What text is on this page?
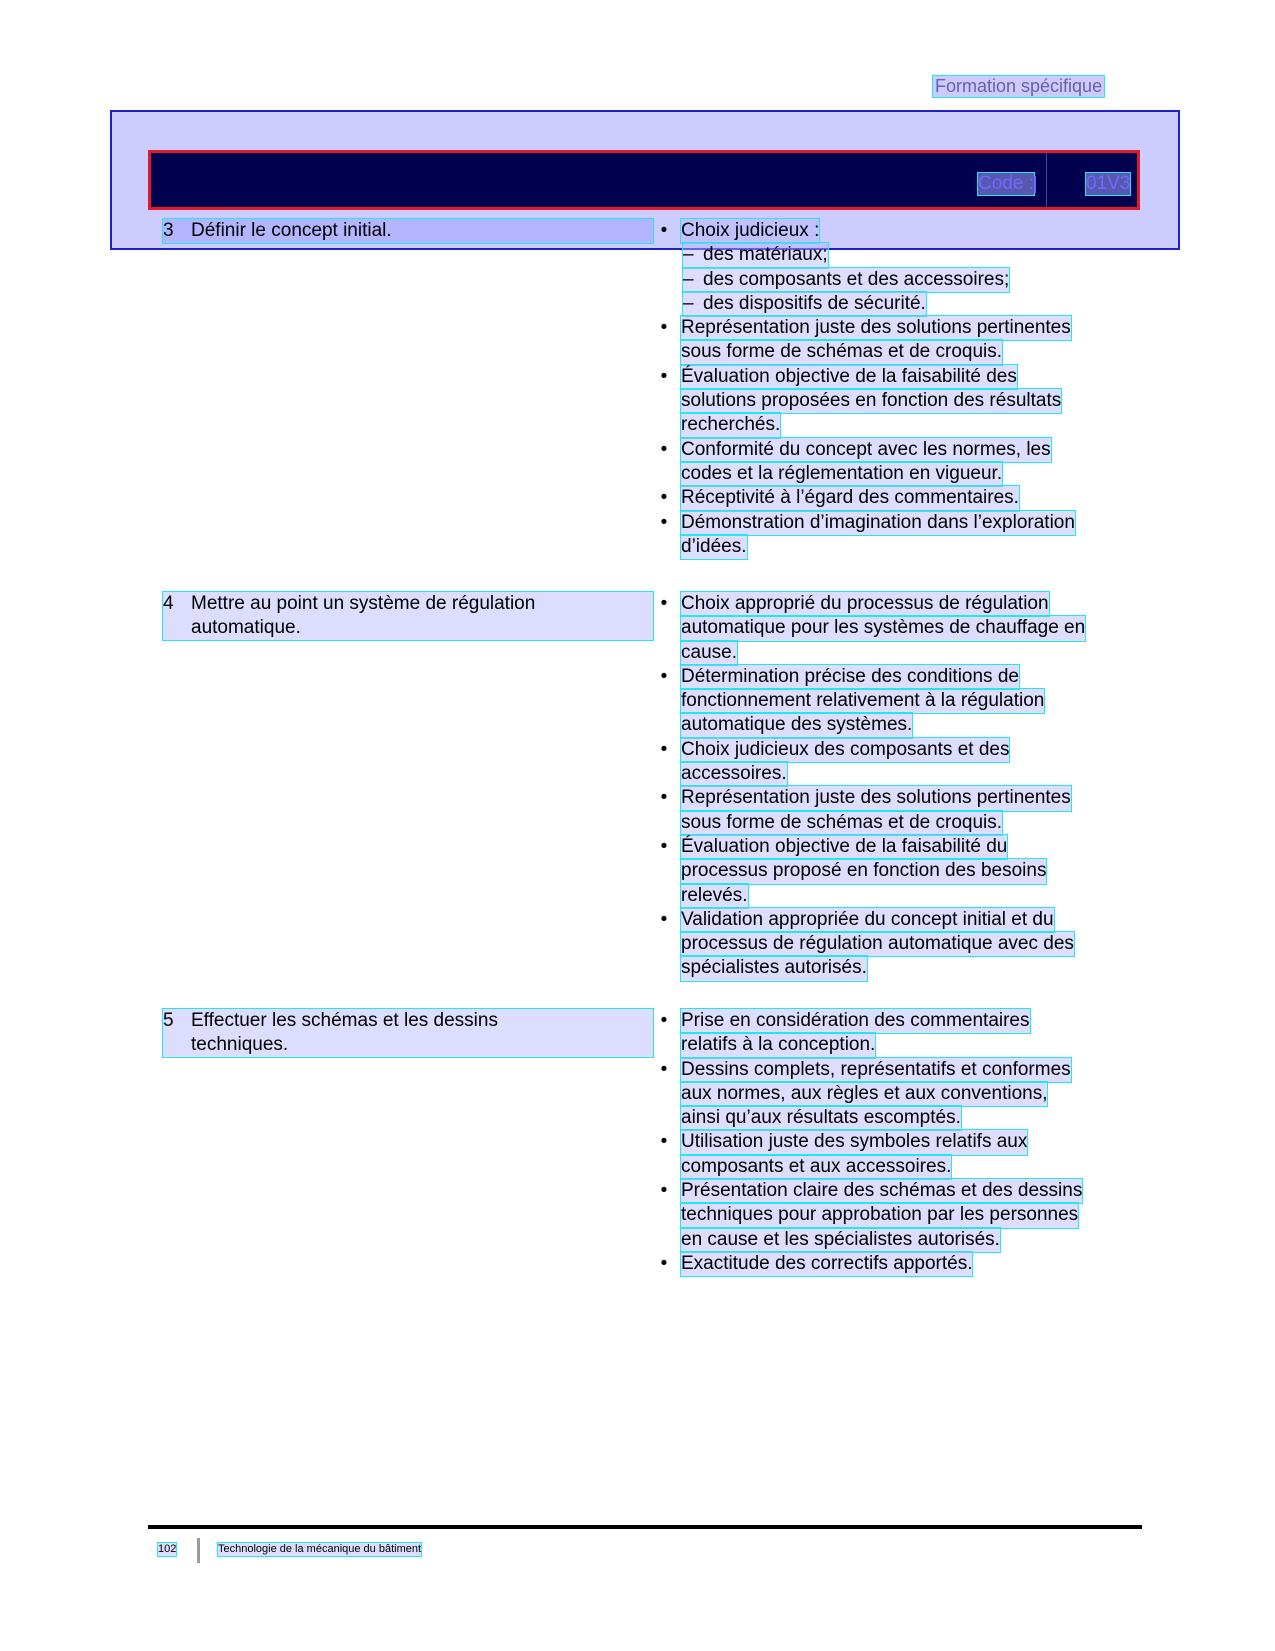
Formation spécifique
Code :	01V3
3 Définir le concept initial.	• Choix judicieux :
– des matériaux;
– des composants et des accessoires;
– des dispositifs de sécurité.
• Représentation juste des solutions pertinentes
sous forme de schémas et de croquis.
• Évaluation objective de la faisabilité des
solutions proposées en fonction des résultats
recherchés.
• Conformité du concept avec les normes, les
codes et la réglementation en vigueur.
• Réceptivité à l’égard des commentaires.
• Démonstration d’imagination dans l’exploration
d’idées.
4 Mettre au point un système de régulation
automatique.
• Choix approprié du processus de régulation
automatique pour les systèmes de chauffage en
cause.
• Détermination précise des conditions de
fonctionnement relativement à la régulation
automatique des systèmes.
• Choix judicieux des composants et des
accessoires.
• Représentation juste des solutions pertinentes
sous forme de schémas et de croquis.
• Évaluation objective de la faisabilité du
processus proposé en fonction des besoins
relevés.
• Validation appropriée du concept initial et du
processus de régulation automatique avec des
spécialistes autorisés.
5 Effectuer les schémas et les dessins
techniques.
• Prise en considération des commentaires
relatifs à la conception.
• Dessins complets, représentatifs et conformes
aux normes, aux règles et aux conventions,
ainsi qu’aux résultats escomptés.
• Utilisation juste des symboles relatifs aux
composants et aux accessoires.
• Présentation claire des schémas et des dessins
techniques pour approbation par les personnes
en cause et les spécialistes autorisés.
• Exactitude des correctifs apportés.
102	Technologie de la mécanique du bâtiment
